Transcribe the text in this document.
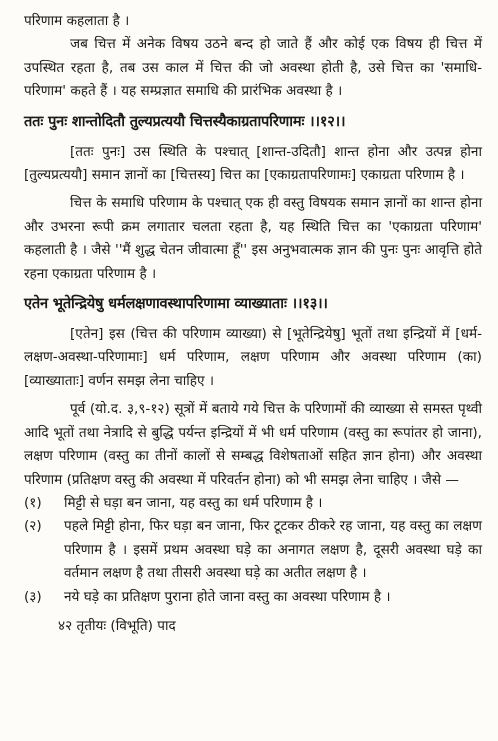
परिणाम कहलाता है ।

जब चित्त में अनेक विषय उठने बन्द हो जाते हैं और कोई एक विषय ही चित्त में उपस्थित रहता है, तब उस काल में चित्त की जो अवस्था होती है, उसे चित्त का 'समाधि-परिणाम' कहते हैं । यह सम्प्रज्ञात समाधि की प्रारंभिक अवस्था है ।

ततः पुनः शान्तोदितौ तुल्यप्रत्ययौ चित्तस्यैकाग्रतापरिणामः ।।१२।।

[ततः पुनः] उस स्थिति के पश्चात् [शान्त-उदितौ] शान्त होना और उत्पन्न होना [तुल्यप्रत्ययौ] समान ज्ञानों का [चित्तस्य] चित्त का [एकाग्रतापरिणामः] एकाग्रता परिणाम है ।

चित्त के समाधि परिणाम के पश्चात् एक ही वस्तु विषयक समान ज्ञानों का शान्त होना और उभरना रूपी क्रम लगातार चलता रहता है, यह स्थिति चित्त का 'एकाग्रता परिणाम' कहलाती है । जैसे ''मैं शुद्ध चेतन जीवात्मा हूँ'' इस अनुभवात्मक ज्ञान की पुनः पुनः आवृत्ति होते रहना एकाग्रता परिणाम है ।

एतेन भूतेन्द्रियेषु धर्मलक्षणावस्थापरिणामा व्याख्याताः ।।१३।।

[एतेन] इस (चित्त की परिणाम व्याख्या) से [भूतेन्द्रियेषु] भूतों तथा इन्द्रियों में [धर्म-लक्षण-अवस्था-परिणामाः] धर्म परिणाम, लक्षण परिणाम और अवस्था परिणाम (का) [व्याख्याताः] वर्णन समझ लेना चाहिए ।

पूर्व (यो.द. ३,९-१२) सूत्रों में बताये गये चित्त के परिणामों की व्याख्या से समस्त पृथ्वी आदि भूतों तथा नेत्रादि से बुद्धि पर्यन्त इन्द्रियों में भी धर्म परिणाम (वस्तु का रूपांतर हो जाना), लक्षण परिणाम (वस्तु का तीनों कालों से सम्बद्ध विशेषताओं सहित ज्ञान होना) और अवस्था परिणाम (प्रतिक्षण वस्तु की अवस्था में परिवर्तन होना) को भी समझ लेना चाहिए । जैसे —

(१)	मिट्टी से घड़ा बन जाना, यह वस्तु का धर्म परिणाम है ।
(२)	पहले मिट्टी होना, फिर घड़ा बन जाना, फिर टूटकर ठीकरे रह जाना, यह वस्तु का लक्षण परिणाम है । इसमें प्रथम अवस्था घड़े का अनागत लक्षण है, दूसरी अवस्था घड़े का वर्तमान लक्षण है तथा तीसरी अवस्था घड़े का अतीत लक्षण है ।
(३)	नये घड़े का प्रतिक्षण पुराना होते जाना वस्तु का अवस्था परिणाम है ।
४२ तृतीयः (विभूति) पाद
